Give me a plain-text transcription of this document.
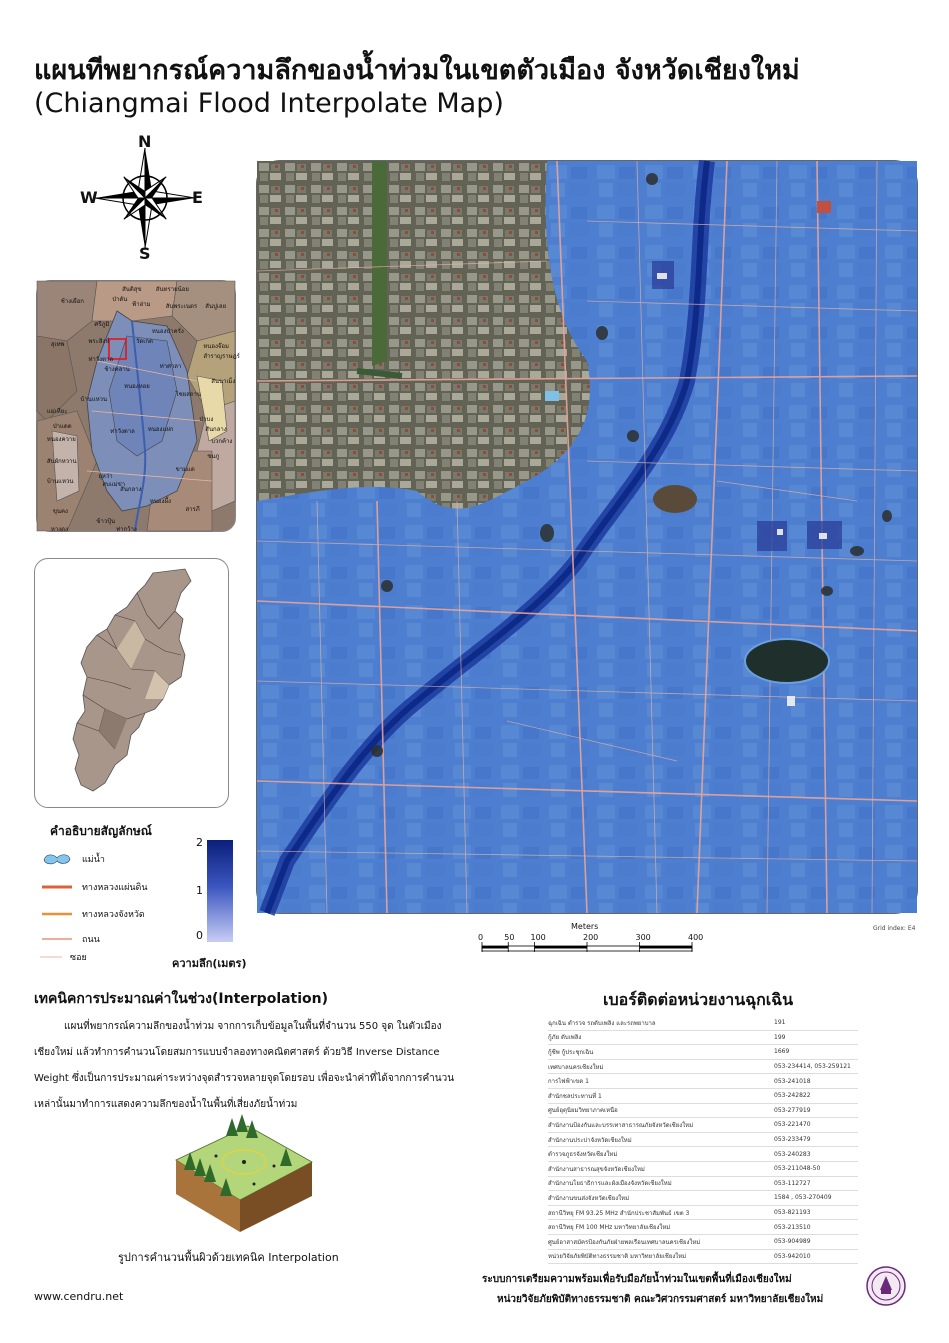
แผนทีพยากรณ์ความลึกของน้ำท่วมในเขตตัวเมือง จังหวัดเชียงใหม่
(Chiangmai Flood Interpolate Map)
N
S
E
W
สันติสุข สันทรายน้อย
ช้างเผือก	ป่าตัน
ฟ้าฮ่าม	สันพระเนตร สันปูเลย
ศรีภูมิ
หนองป่าครั่ง
สุเทพ	พระสิงห์	วัดเกต
หนองจ๊อม
ท่าวังตาล	สำราญราษฎร์
ช้างคลาน	ท่าศาลา
หนองหอย
สันนาเม็ง
ไชยสถาน
บ้านแหวน
แม่เหียะ
ป่าแดด
ป่าบง
ท่าวังตาล หนองแฝก	สันกลาง
หนองควาย	บวกค้าง
ชมภู
สันผักหวาน
ขามแด
บ้านแหวน
ยุหว่า
สบแม่ข่า
สันกลาง
หนองผึ้ง
สารภี
ขุนคง
ข้าวปุ้น
หางดง	ท่ากว้าง
Grid index: E4
Meters
0	50 100	200	300	400
คำอธิบายสัญลักษณ์
แม่น้ำ
ทางหลวงแผ่นดิน
ทางหลวงจังหวัด
ถนน
ซอย
2
1
0
ความลึก(เมตร)
เทคนิคการประมาณค่าในช่วง(Interpolation)
แผนที่พยากรณ์ความลึกของน้ำท่วม จากการเก็บข้อมูลในพื้นที่จำนวน 550 จุด ในตัวเมืองเชียงใหม่ แล้วทำการคำนวนโดยสมการแบบจำลองทางคณิตศาสตร์ ด้วยวิธี Inverse Distance Weight ซึ่งเป็นการประมาณค่าระหว่างจุดสำรวจหลายจุดโดยรอบ เพื่อจะนำค่าที่ได้จากการคำนวนเหล่านั้นมาทำการแสดงความลึกของน้ำในพื้นที่เสี่ยงภัยน้ำท่วม
รูปการคำนวนพื้นผิวด้วยเทคนิค Interpolation
เบอร์ติดต่อหน่วยงานฉุกเฉิน
ฉุกเฉิน ตำรวจ รถดับเพลิง และรถพยาบาล	191
กู้ภัย ดับเพลิง	199
กู้ชีพ กู้ประชุกเฉิน	1669
เทศบาลนครเชียงใหม่	053-234414, 053-259121
การไฟฟ้าเขต 1	053-241018
สำนักชลประทานที่ 1	053-242822
ศูนย์อุตุนิยมวิทยาภาคเหนือ	053-277919
สำนักงานป้องกันและบรรเทาสาธารณภัยจังหวัดเชียงใหม่	053-221470
สำนักงานประปาจังหวัดเชียงใหม่	053-233479
ตำรวจภูธรจังหวัดเชียงใหม่	053-240283
สำนักงานสาธารณสุขจังหวัดเชียงใหม่	053-211048-50
สำนักงานโยธาธิการและผังเมืองจังหวัดเชียงใหม่	053-112727
สำนักงานขนส่งจังหวัดเชียงใหม่	1584 , 053-270409
สถานีวิทยุ FM 93.25 MHz สำนักประชาสัมพันธ์ เขต 3	053-821193
สถานีวิทยุ FM 100 MHz มหาวิทยาลัยเชียงใหม่	053-213510
ศูนย์อาสาสมัครป้องกันภัยฝ่ายพลเรือนเทศบาลนครเชียงใหม่	053-904989
หน่วยวิจัยภัยพิบัติทางธรรมชาติ มหาวิทยาลัยเชียงใหม่	053-942010
www.cendru.net
ระบบการเตรียมความพร้อมเพื่อรับมือภัยน้ำท่วมในเขตพื้นที่เมืองเชียงใหม่
หน่วยวิจัยภัยพิบัติทางธรรมชาติ คณะวิศวกรรมศาสตร์ มหาวิทยาลัยเชียงใหม่
